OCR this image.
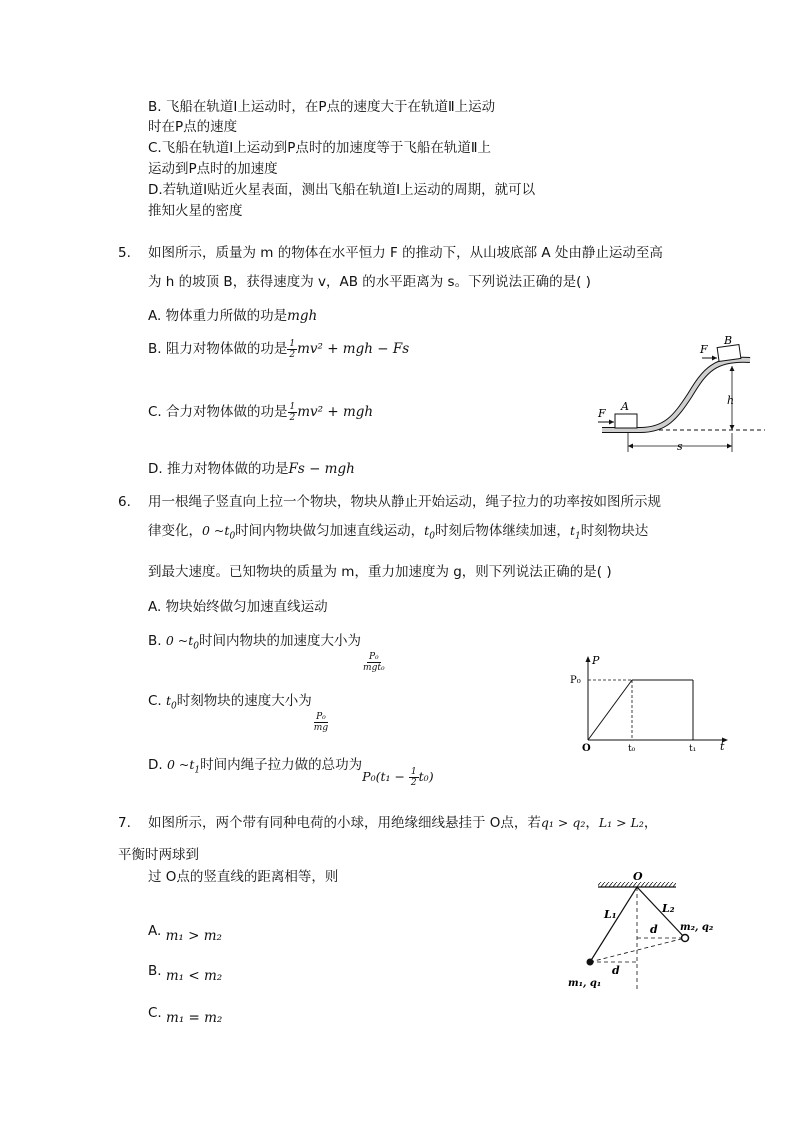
B. 飞船在轨道Ⅰ上运动时，在P点的速度大于在轨道Ⅱ上运动
时在P点的速度
C.飞船在轨道Ⅰ上运动到P点时的加速度等于飞船在轨道Ⅱ上
运动到P点时的加速度
D.若轨道Ⅰ贴近火星表面，测出飞船在轨道Ⅰ上运动的周期，就可以
推知火星的密度
5. 如图所示，质量为 m 的物体在水平恒力 F 的推动下，从山坡底部 A 处由静止运动至高
为 h 的坡顶 B，获得速度为 v，AB 的水平距离为 s。下列说法正确的是( )
A. 物体重力所做的功是mgh
B. 阻力对物体做的功是 $\frac{1}{2} mv^2$ + mgh − Fs
C. 合力对物体做的功是 $\frac{1}{2} mv^2$ + mgh
D. 推力对物体做的功是Fs − mgh
A
F
B
F
h
s
6. 用一根绳子竖直向上拉一个物块，物块从静止开始运动，绳子拉力的功率按如图所示规
律变化，0 $\sim t_0$时间内物块做匀加速直线运动，$t_0$时刻后物体继续加速，$t_1$时刻物块达
到最大速度。已知物块的质量为 m，重力加速度为 g，则下列说法正确的是( )
A. 物块始终做匀加速直线运动
B. 0 $\sim t_0$时间内物块的加速度大小为
$\frac{\text{P₀}}{\text{mgt₀}}$
C. $t_0$时刻物块的速度大小为
$\frac{\text{P₀}}{mg}$
D. 0 $\sim t_1$时间内绳子拉力做的总功为$P_0(t_1 - \frac{1}{2} t_0)$
P
t
P₀
O	t₀	t₁
7. 如图所示，两个带有同种电荷的小球，用绝缘细线悬挂于 O点，若q₁ > q₂，L₁ > L₂，
平衡时两球到
过 O点的竖直线的距离相等，则
A. m₁ > m₂
B. m₁ < m₂
C. m₁ = m₂
O
L₁	L₂
d
d
m₁, q₁
m₂, q₂
